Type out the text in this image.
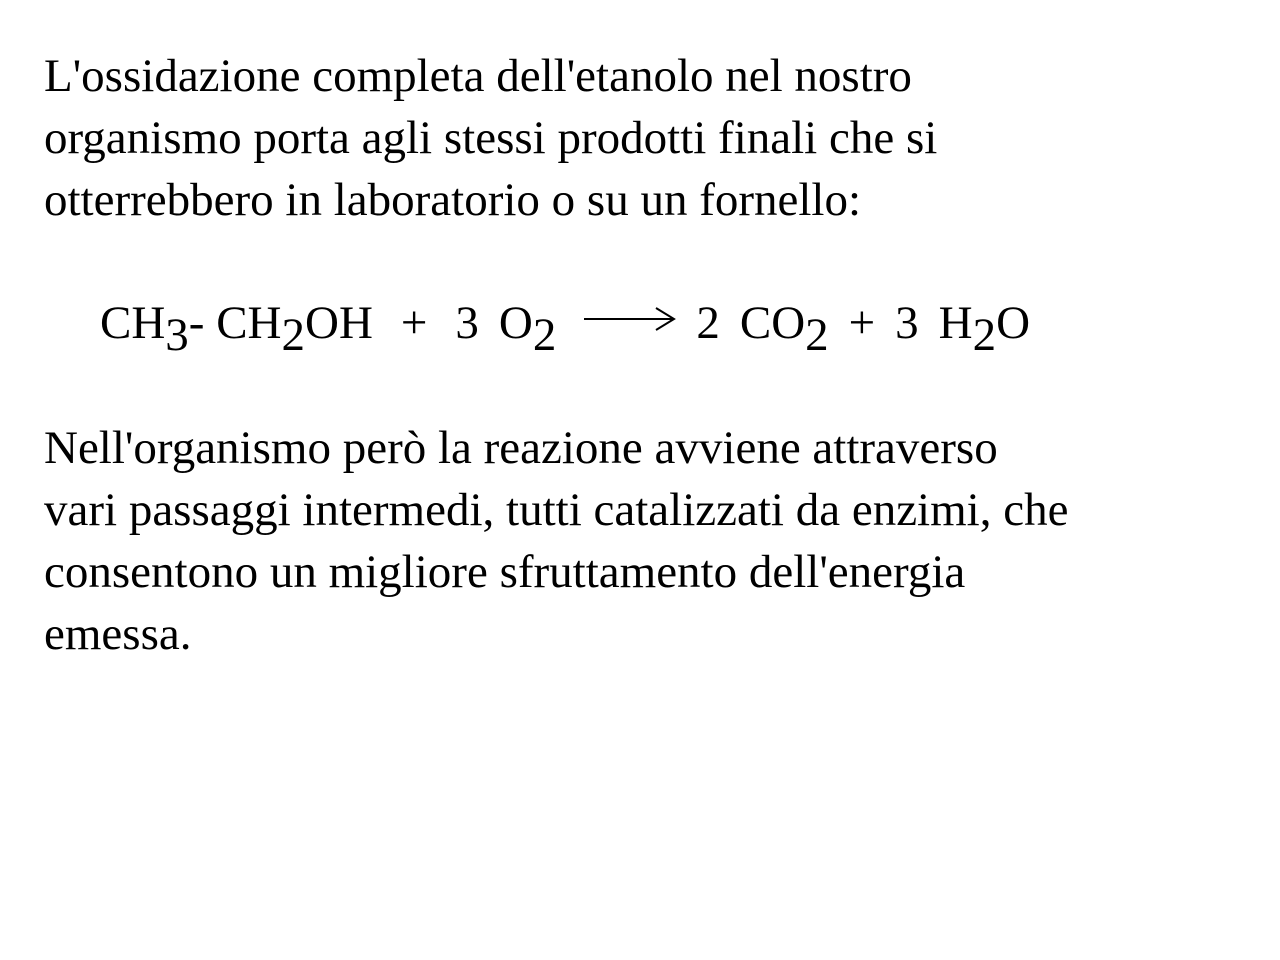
L'ossidazione completa dell'etanolo nel nostro
organismo porta agli stessi prodotti finali che si
otterrebbero in laboratorio o su un fornello:

$CH_3-$ $CH_2OH + 3$ $O_2$	2 $CO_2 + 3$ $H_2O$

Nell'organismo però la reazione avviene attraverso
vari passaggi intermedi, tutti catalizzati da enzimi, che
consentono un migliore sfruttamento dell'energia
emessa.
